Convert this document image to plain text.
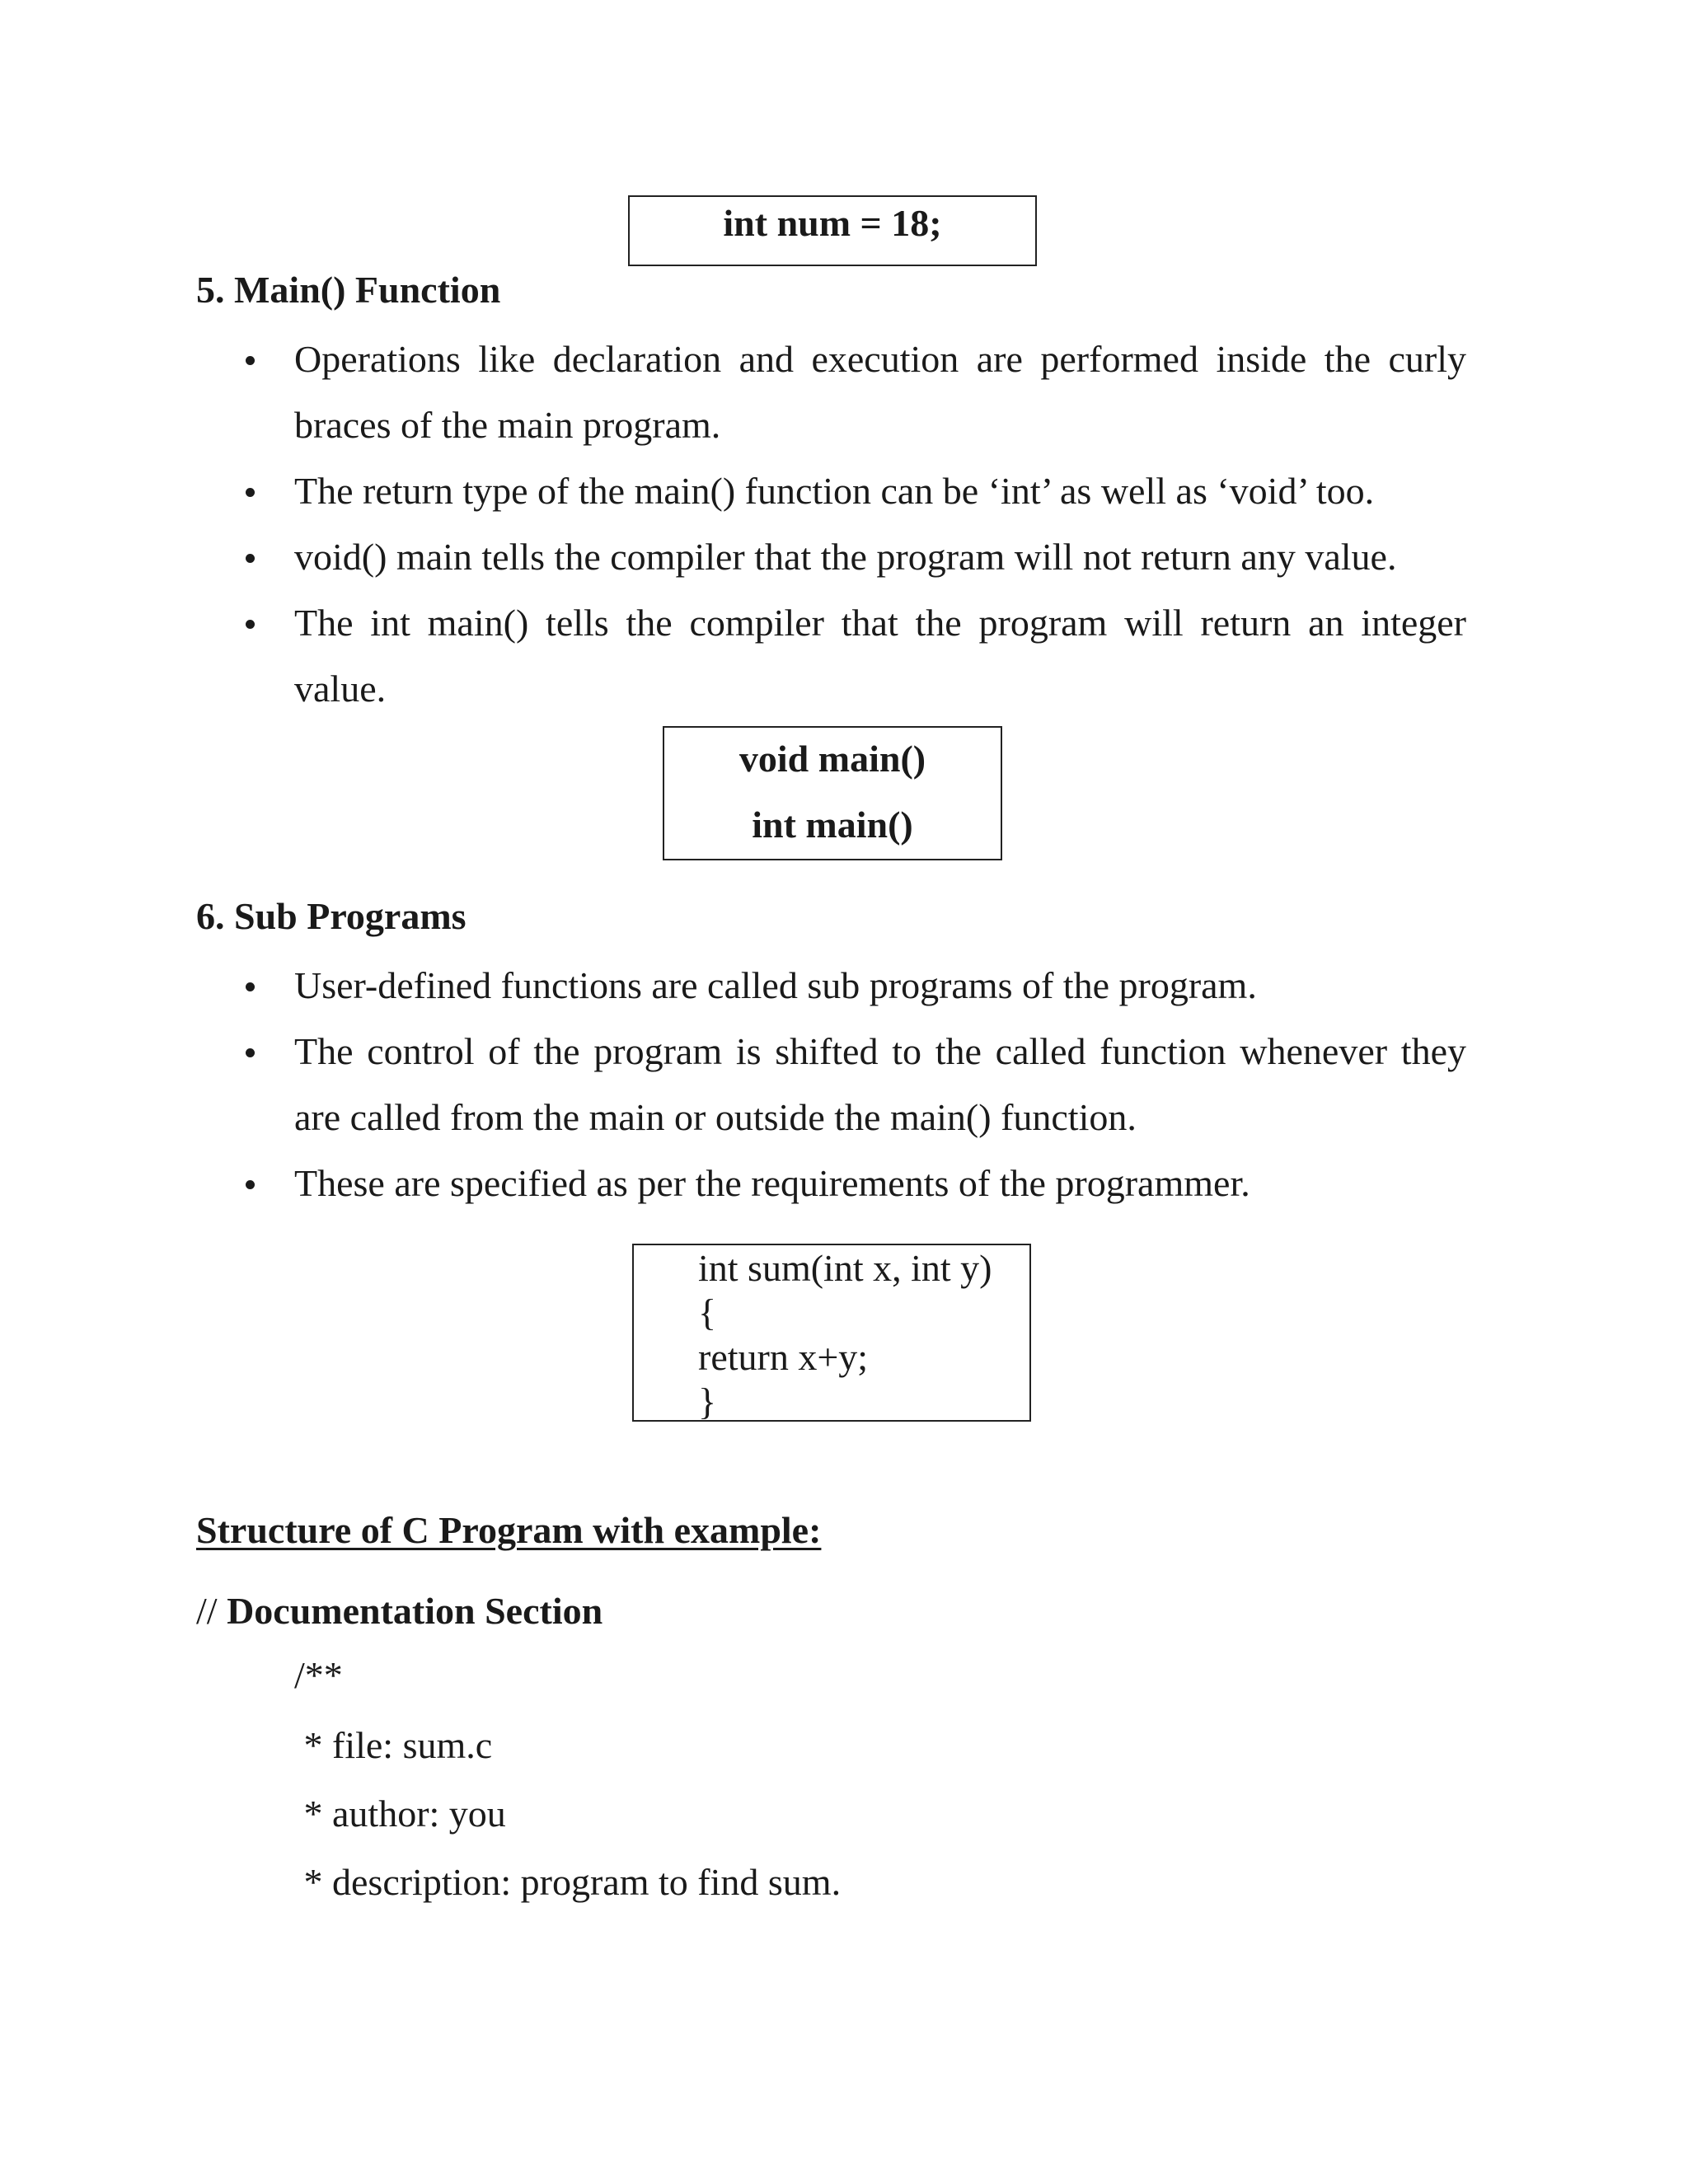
int num = 18;
5. Main() Function
Operations like declaration and execution are performed inside the curly braces of the main program.
The return type of the main() function can be ‘int’ as well as ‘void’ too.
void() main tells the compiler that the program will not return any value.
The int main() tells the compiler that the program will return an integer value.
void main()
int main()
6. Sub Programs
User-defined functions are called sub programs of the program.
The control of the program is shifted to the called function whenever they are called from the main or outside the main() function.
These are specified as per the requirements of the programmer.
int sum(int x, int y)
{
return x+y;
}
Structure of C Program with example:
// Documentation Section
/**
* file: sum.c
* author: you
* description: program to find sum.
